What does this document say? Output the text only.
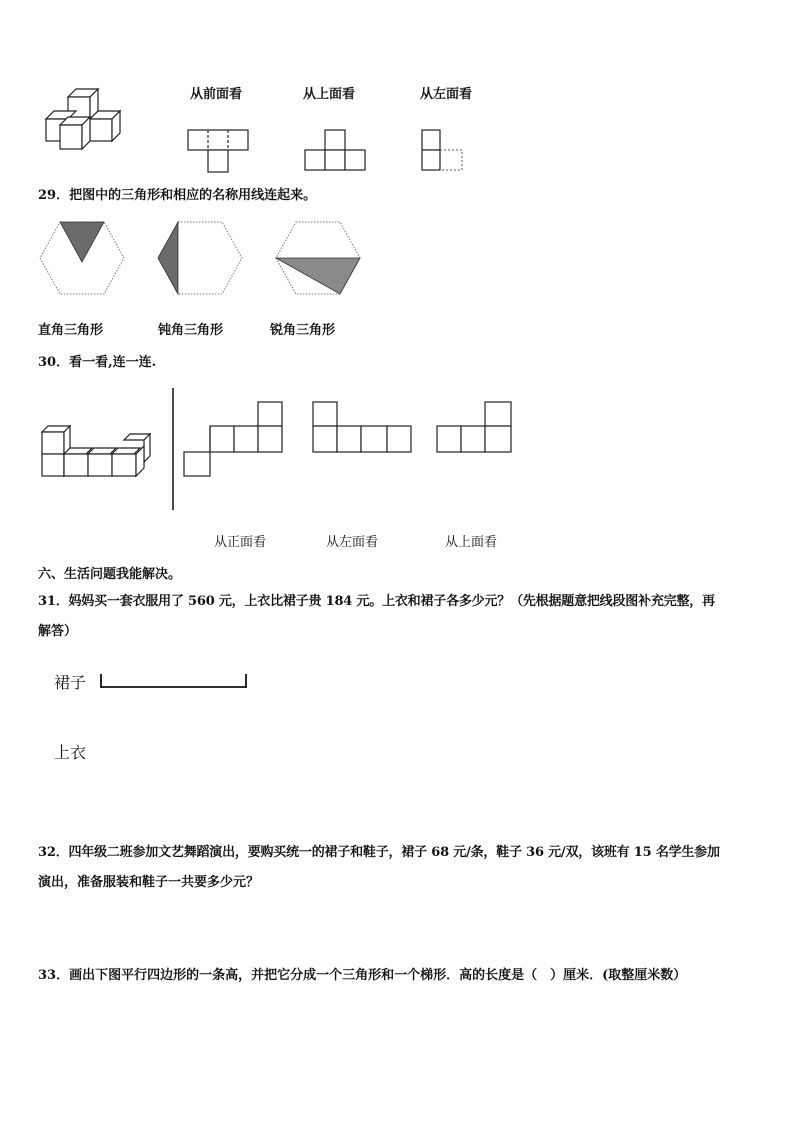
从前面看	从上面看	从左面看
29．把图中的三角形和相应的名称用线连起来。
直角三角形	钝角三角形	锐角三角形
30．看一看,连一连.
从正面看	从左面看	从上面看
六、生活问题我能解决。
31．妈妈买一套衣服用了 560 元，上衣比裙子贵 184 元。上衣和裙子各多少元？（先根据题意把线段图补充完整，再
解答）
裙子
上衣
32．四年级二班参加文艺舞蹈演出，要购买统一的裙子和鞋子，裙子 68 元/条，鞋子 36 元/双，该班有 15 名学生参加
演出，准备服装和鞋子一共要多少元？
33．画出下图平行四边形的一条高，并把它分成一个三角形和一个梯形．高的长度是（　）厘米．(取整厘米数）
